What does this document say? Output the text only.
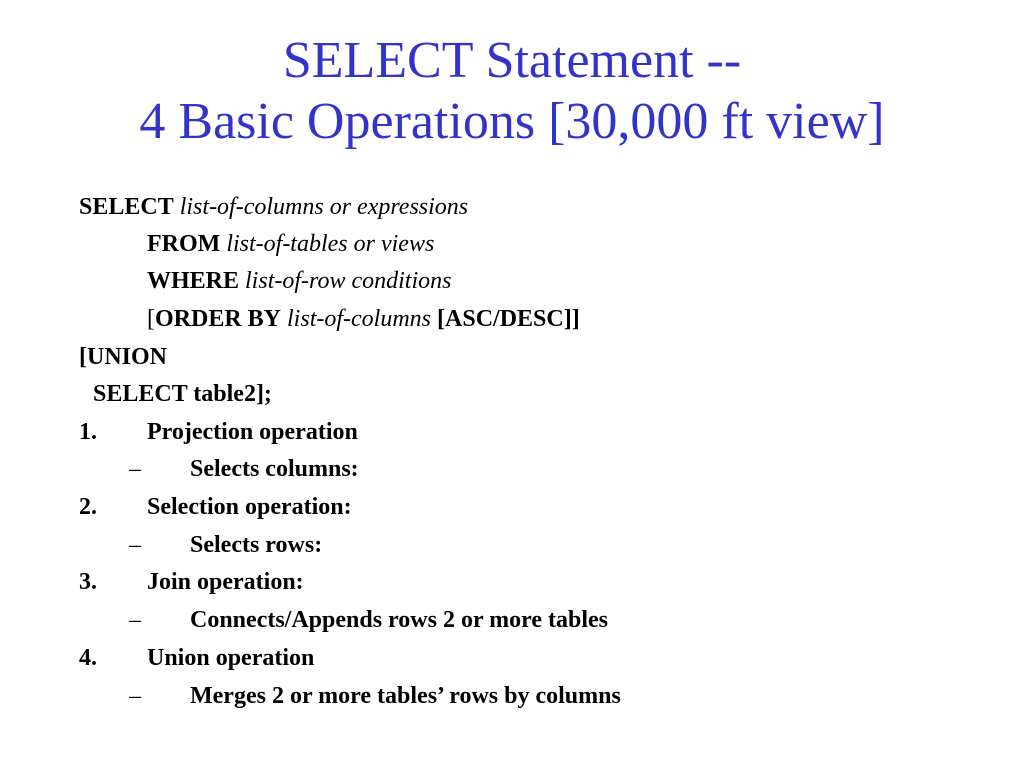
SELECT Statement --
4 Basic Operations [30,000 ft view]
SELECT list-of-columns or expressions
FROM list-of-tables or views
WHERE list-of-row conditions
[ORDER BY list-of-columns [ASC/DESC]]
[UNION
SELECT table2];
1. Projection operation
– Selects columns:
2. Selection operation:
– Selects rows:
3. Join operation:
– Connects/Appends rows 2 or more tables
4. Union operation
– Merges 2 or more tables’ rows by columns
